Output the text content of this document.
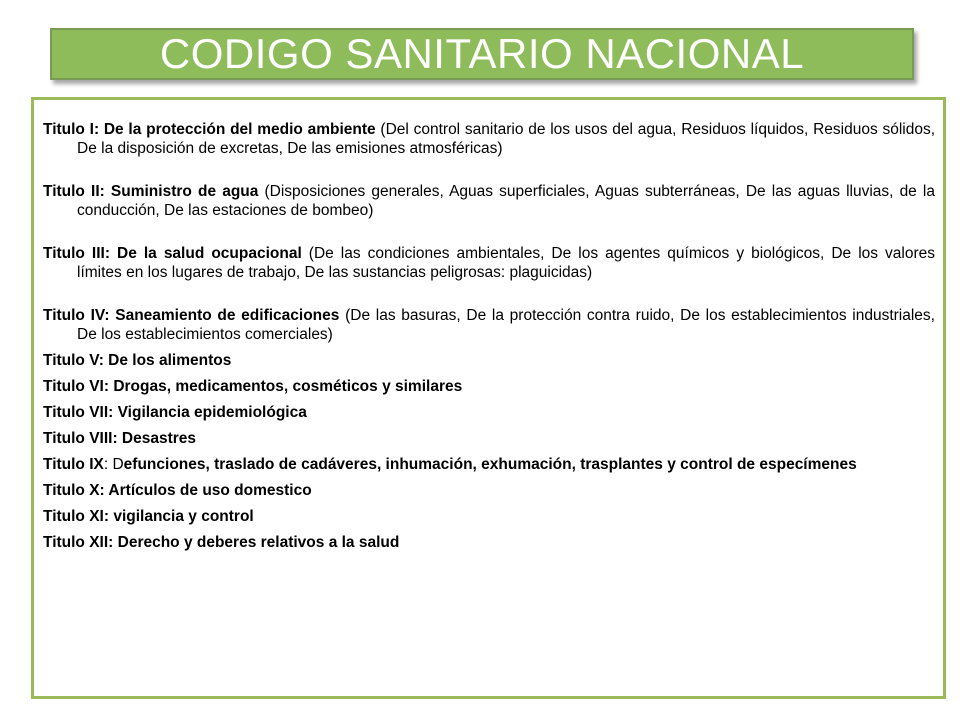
CODIGO SANITARIO NACIONAL

Titulo I: De la protección del medio ambiente (Del control sanitario de los usos del agua, Residuos líquidos, Residuos sólidos, De la disposición de excretas, De las emisiones atmosféricas)

Titulo II: Suministro de agua (Disposiciones generales, Aguas superficiales, Aguas subterráneas, De las aguas lluvias, de la conducción, De las estaciones de bombeo)

Titulo III: De la salud ocupacional (De las condiciones ambientales, De los agentes químicos y biológicos, De los valores límites en los lugares de trabajo, De las sustancias peligrosas: plaguicidas)

Titulo IV: Saneamiento de edificaciones (De las basuras, De la protección contra ruido, De los establecimientos industriales, De los establecimientos comerciales)

Titulo V: De los alimentos

Titulo VI: Drogas, medicamentos, cosméticos y similares

Titulo VII: Vigilancia epidemiológica

Titulo VIII: Desastres

Titulo IX: Defunciones, traslado de cadáveres, inhumación, exhumación, trasplantes y control de especímenes

Titulo X: Artículos de uso domestico

Titulo XI: vigilancia y control

Titulo XII: Derecho y deberes relativos a la salud
